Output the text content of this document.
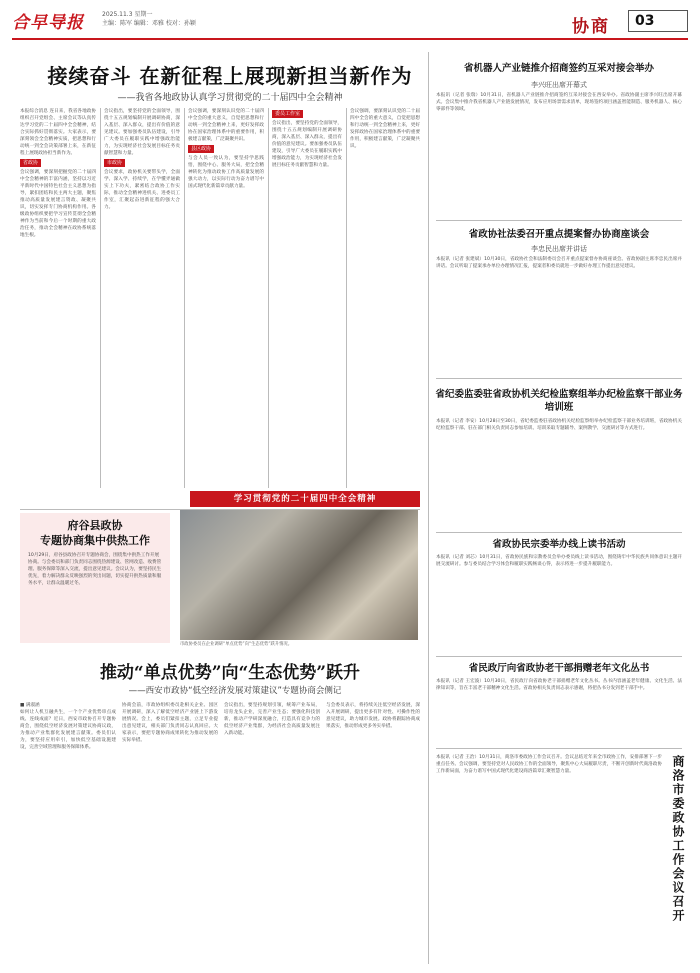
合早导报	2025.11.3 星期一
主编：陈军 编辑：邓雅 校对：孙颖	协商	03
接续奋斗 在新征程上展现新担当新作为
——我省各地政协认真学习贯彻党的二十届四中全会精神
本报综合消息 连日来，我省各地政协组织召开党组会、主席会议等认真传达学习党的二十届四中全会精神，结合实际抓好贯彻落实。大家表示，要深刻领会全会精神实质，把思想和行动统一到全会决策部署上来，在新征程上展现政协担当新作为。
省政协
会议强调，要深刻把握党的二十届四中全会精神的丰富内涵，坚持以习近平新时代中国特色社会主义思想为指导，紧扣团结和民主两大主题，聚焦推动高质量发展建言资政、凝聚共识，切实发挥专门协商机构作用。各级政协组织要把学习宣传贯彻全会精神作为当前和今后一个时期的重大政治任务，推动全会精神在政协系统落地生根。
会议指出，要坚持党的全面领导，围绕十五五规划编制开展调研协商，深入基层、深入群众，提出有价值的意见建议。要加强委员队伍建设，引导广大委员在履职实践中增强政治能力，为实现经济社会发展目标任务贡献智慧和力量。
市政协
会议要求，政协机关要带头学，全面学、深入学、持续学，在学懂弄通做实上下功夫，紧密结合政协工作实际，推动全会精神进机关、进委员工作室，汇聚起奋进新征程的强大合力。
会议强调，要深刻认识党的二十届四中全会的重大意义，自觉把思想和行动统一到全会精神上来，更好发挥政协在国家治理体系中的重要作用，积极建言献策，广泛凝聚共识。
县区政协
与会人员一致认为，要坚持学思践悟，围绕中心、服务大局，把全会精神转化为推动政协工作高质量发展的强大动力，以实际行动为奋力谱写中国式现代化新篇章贡献力量。
委员工作室
会议指出，要坚持党的全面领导，围绕十五五规划编制开展调研协商，深入基层、深入群众，提出有价值的意见建议。要加强委员队伍建设，引导广大委员在履职实践中增强政治能力，为实现经济社会发展目标任务贡献智慧和力量。
会议强调，要深刻认识党的二十届四中全会的重大意义，自觉把思想和行动统一到全会精神上来，更好发挥政协在国家治理体系中的重要作用，积极建言献策，广泛凝聚共识。
学习贯彻党的二十届四中全会精神
府谷县政协
专题协商集中供热工作
10月29日，府谷县政协召开专题协商会，围绕集中供热工作开展协商。与会委员和部门负责同志围绕热源建设、管网改造、收费管理、服务保障等深入交流，提出意见建议。会议认为，要坚持民生优先，着力解决群众反映强烈的突出问题，切实提升供热质量和服务水平，让群众温暖过冬。
市政协委员在企业调研“单点优势”向“生态优势”跃升情况。
推动“单点优势”向“生态优势”跃升
——西安市政协“低空经济发展对策建议”专题协商会侧记
■ 满淑涵
如何让人机互融共生，一个个产业优势串点成线、连线成面？近日，西安市政协召开专题协商会，围绕低空经济发展对策建议协商议政，为推动产业集群化发展建言献策。委员们认为，要坚持应用牵引，加快低空基础设施建设，完善空域管理和服务保障体系。
协商会前，市政协组织委员赴相关企业、园区开展调研，深入了解低空经济产业链上下游发展情况。会上，委员们紧扣主题，立足专业提出意见建议，相关部门负责同志认真回应。大家表示，要把专题协商成果转化为推动发展的实际举措。
会议指出，要坚持规划引领，统筹产业布局，培育龙头企业，完善产业生态；要强化科技创新，推动产学研深度融合，打造具有竞争力的低空经济产业集群，为经济社会高质量发展注入新动能。
与会委员表示，将持续关注低空经济发展，深入开展调研，提出更多有针对性、可操作性的意见建议，助力城市发展。政协将跟踪协商成果落实，推动形成更多务实举措。
省机器人产业链推介招商签约互采对接会举办
李兴旺出席开幕式
本报讯（记者 张瑞）10月31日，省机器人产业链推介招商签约互采对接会在西安举办。省政协副主席李兴旺出席开幕式。会议集中推介我省机器人产业链发展情况，发布应用场景需求清单，现场签约项目涵盖智能制造、服务机器人、核心零部件等领域。
省政协社法委召开重点提案督办协商座谈会
李忠民出席并讲话
本报讯（记者 张建斌）10月30日，省政协社会和法制委员会召开重点提案督办协商座谈会。省政协副主席李忠民出席并讲话。会议听取了提案承办单位办理情况汇报，提案者和委员就进一步做好办理工作提出意见建议。
省纪委监委驻省政协机关纪检监察组举办纪检监察干部业务培训班
本报讯（记者 李安）10月28日至30日，省纪委监委驻省政协机关纪检监察组举办纪检监察干部业务培训班，省政协机关纪检监察干部、驻在部门相关负责同志参加培训。培训采取专题辅导、案例教学、交流研讨等方式进行。
省政协民宗委举办线上读书活动
本报讯（记者 刘芯）10月31日，省政协民族和宗教委员会举办委员线上读书活动，围绕铸牢中华民族共同体意识主题开展交流研讨。参与委员结合学习体会和履职实践畅谈心得，表示将进一步提升履职能力。
省民政厅向省政协老干部捐赠老年文化丛书
本报讯（记者 王宏波）10月30日，省民政厅向省政协老干部捐赠老年文化丛书。丛书内容涵盖老年健康、文化生活、法律知识等，旨在丰富老干部精神文化生活。省政协相关负责同志表示感谢，将把丛书分发到老干部手中。
本报讯（记者 王治）10月31日，商洛市委政协工作会议召开。会议总结近年来全市政协工作，安排部署下一步重点任务。会议强调，要坚持党对人民政协工作的全面领导，聚焦中心大局履职尽责，不断开创新时代商洛政协工作新局面，为奋力谱写中国式现代化建设商洛篇章汇聚智慧力量。	商洛市委政协工作会议召开
